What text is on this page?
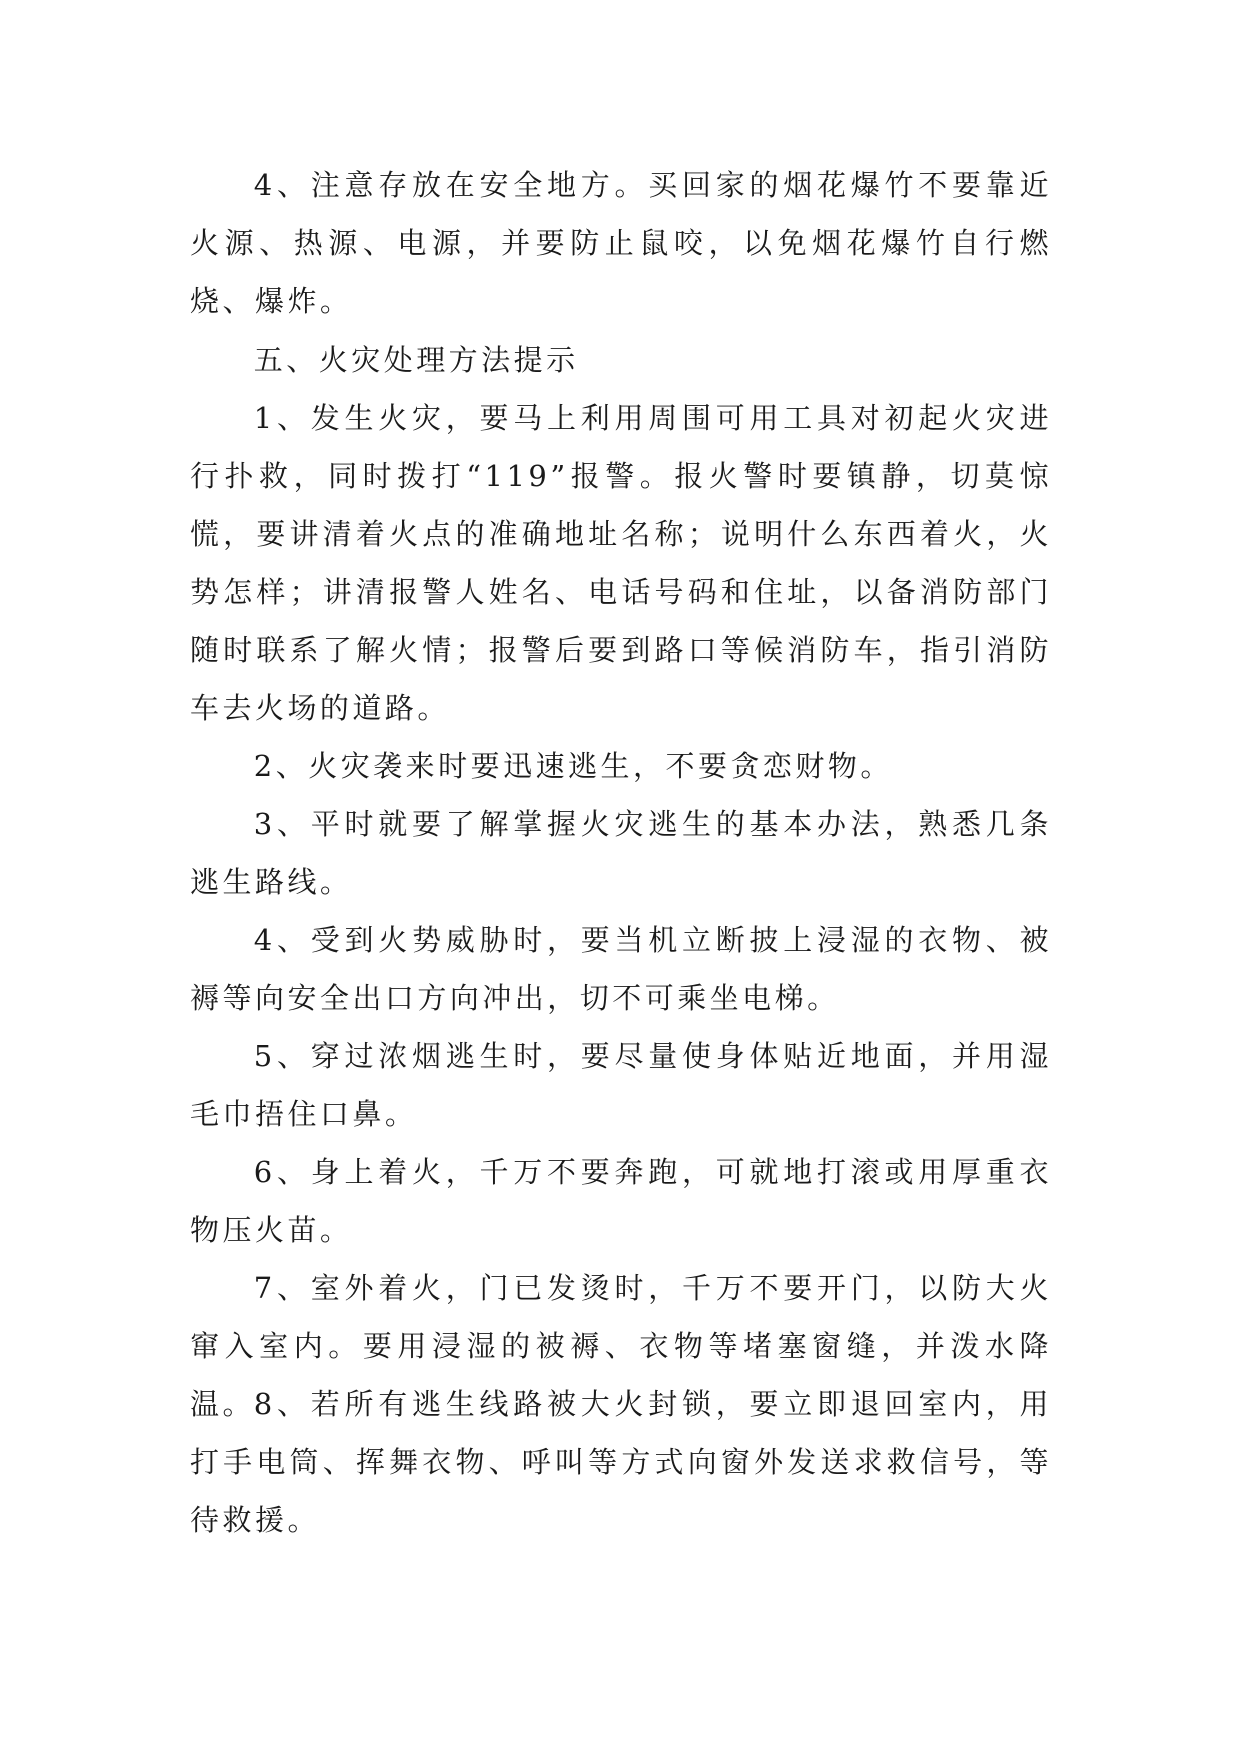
4、注意存放在安全地方。买回家的烟花爆竹不要靠近火源、热源、电源，并要防止鼠咬，以免烟花爆竹自行燃烧、爆炸。

五、火灾处理方法提示

1、发生火灾，要马上利用周围可用工具对初起火灾进行扑救，同时拨打“119”报警。报火警时要镇静，切莫惊慌，要讲清着火点的准确地址名称；说明什么东西着火，火势怎样；讲清报警人姓名、电话号码和住址，以备消防部门随时联系了解火情；报警后要到路口等候消防车，指引消防车去火场的道路。

2、火灾袭来时要迅速逃生，不要贪恋财物。

3、平时就要了解掌握火灾逃生的基本办法，熟悉几条逃生路线。

4、受到火势威胁时，要当机立断披上浸湿的衣物、被褥等向安全出口方向冲出，切不可乘坐电梯。

5、穿过浓烟逃生时，要尽量使身体贴近地面，并用湿毛巾捂住口鼻。

6、身上着火，千万不要奔跑，可就地打滚或用厚重衣物压火苗。

7、室外着火，门已发烫时，千万不要开门，以防大火窜入室内。要用浸湿的被褥、衣物等堵塞窗缝，并泼水降温。

8、若所有逃生线路被大火封锁，要立即退回室内，用打手电筒、挥舞衣物、呼叫等方式向窗外发送求救信号，等待救援。
